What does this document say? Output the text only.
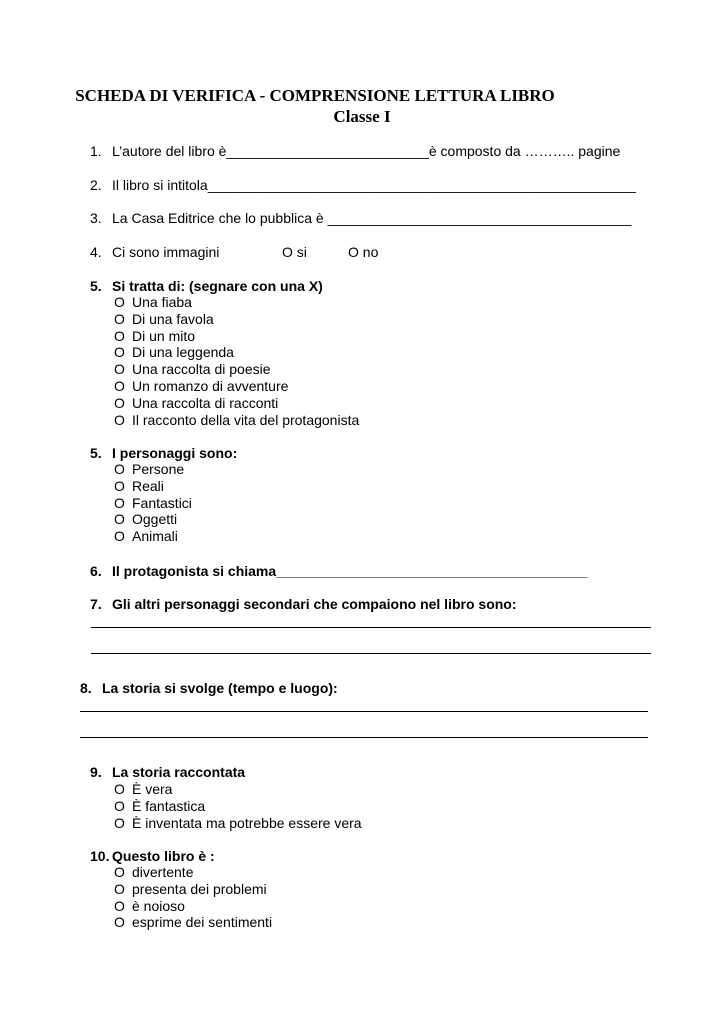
SCHEDA DI VERIFICA - COMPRENSIONE LETTURA LIBRO
Classe I
1. L’autore del libro è__________________________è composto da ……….. pagine
2. Il libro si intitola_______________________________________________________
3. La Casa Editrice che lo pubblica è _______________________________________
4. Ci sono immagini	O si	O no
5. Si tratta di: (segnare con una X)
O Una fiaba
O Di una favola
O Di un mito
O Di una leggenda
O Una raccolta di poesie
O Un romanzo di avventure
O Una raccolta di racconti
O Il racconto della vita del protagonista
5. I personaggi sono:
O Persone
O Reali
O Fantastici
O Oggetti
O Animali
6. Il protagonista si chiama________________________________________
7. Gli altri personaggi secondari che compaiono nel libro sono:
8. La storia si svolge (tempo e luogo):
9. La storia raccontata
O È vera
O È fantastica
O È inventata ma potrebbe essere vera
10. Questo libro è :
O divertente
O presenta dei problemi
O è noioso
O esprime dei sentimenti
